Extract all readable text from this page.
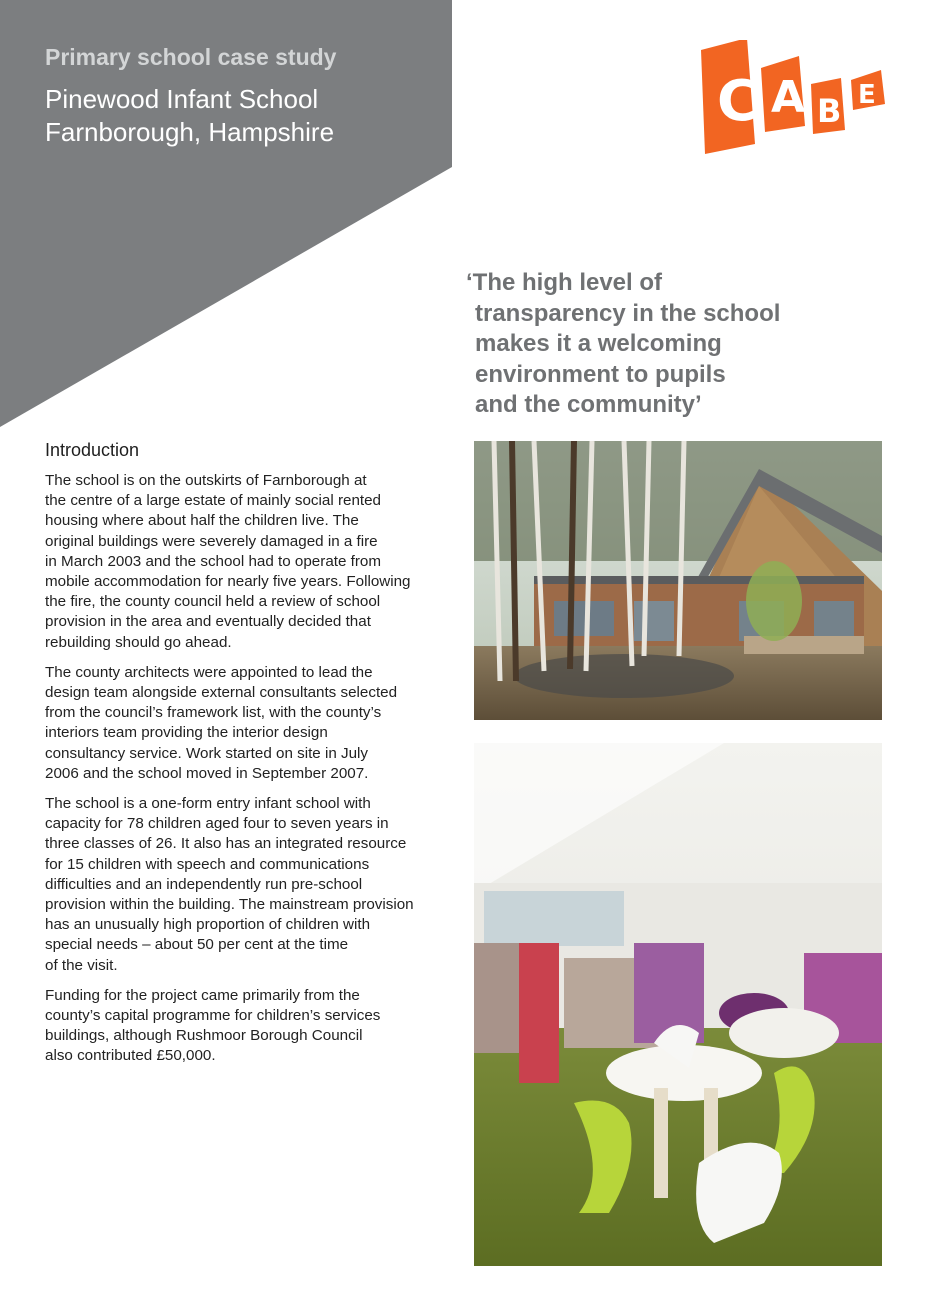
Primary school case study
Pinewood Infant School

Farnborough, Hampshire	C A B E
‘The high level of
transparency in the school
makes it a welcoming
environment to pupils
and the community’
Introduction

The school is on the outskirts of Farnborough at
the centre of a large estate of mainly social rented
housing where about half the children live. The
original buildings were severely damaged in a fire
in March 2003 and the school had to operate from
mobile accommodation for nearly five years. Following
the fire, the county council held a review of school
provision in the area and eventually decided that
rebuilding should go ahead.

The county architects were appointed to lead the
design team alongside external consultants selected
from the council’s framework list, with the county’s
interiors team providing the interior design
consultancy service. Work started on site in July
2006 and the school moved in September 2007.

The school is a one-form entry infant school with
capacity for 78 children aged four to seven years in
three classes of 26. It also has an integrated resource
for 15 children with speech and communications
difficulties and an independently run pre-school
provision within the building. The mainstream provision
has an unusually high proportion of children with
special needs – about 50 per cent at the time
of the visit.

Funding for the project came primarily from the
county’s capital programme for children’s services
buildings, although Rushmoor Borough Council
also contributed £50,000.
